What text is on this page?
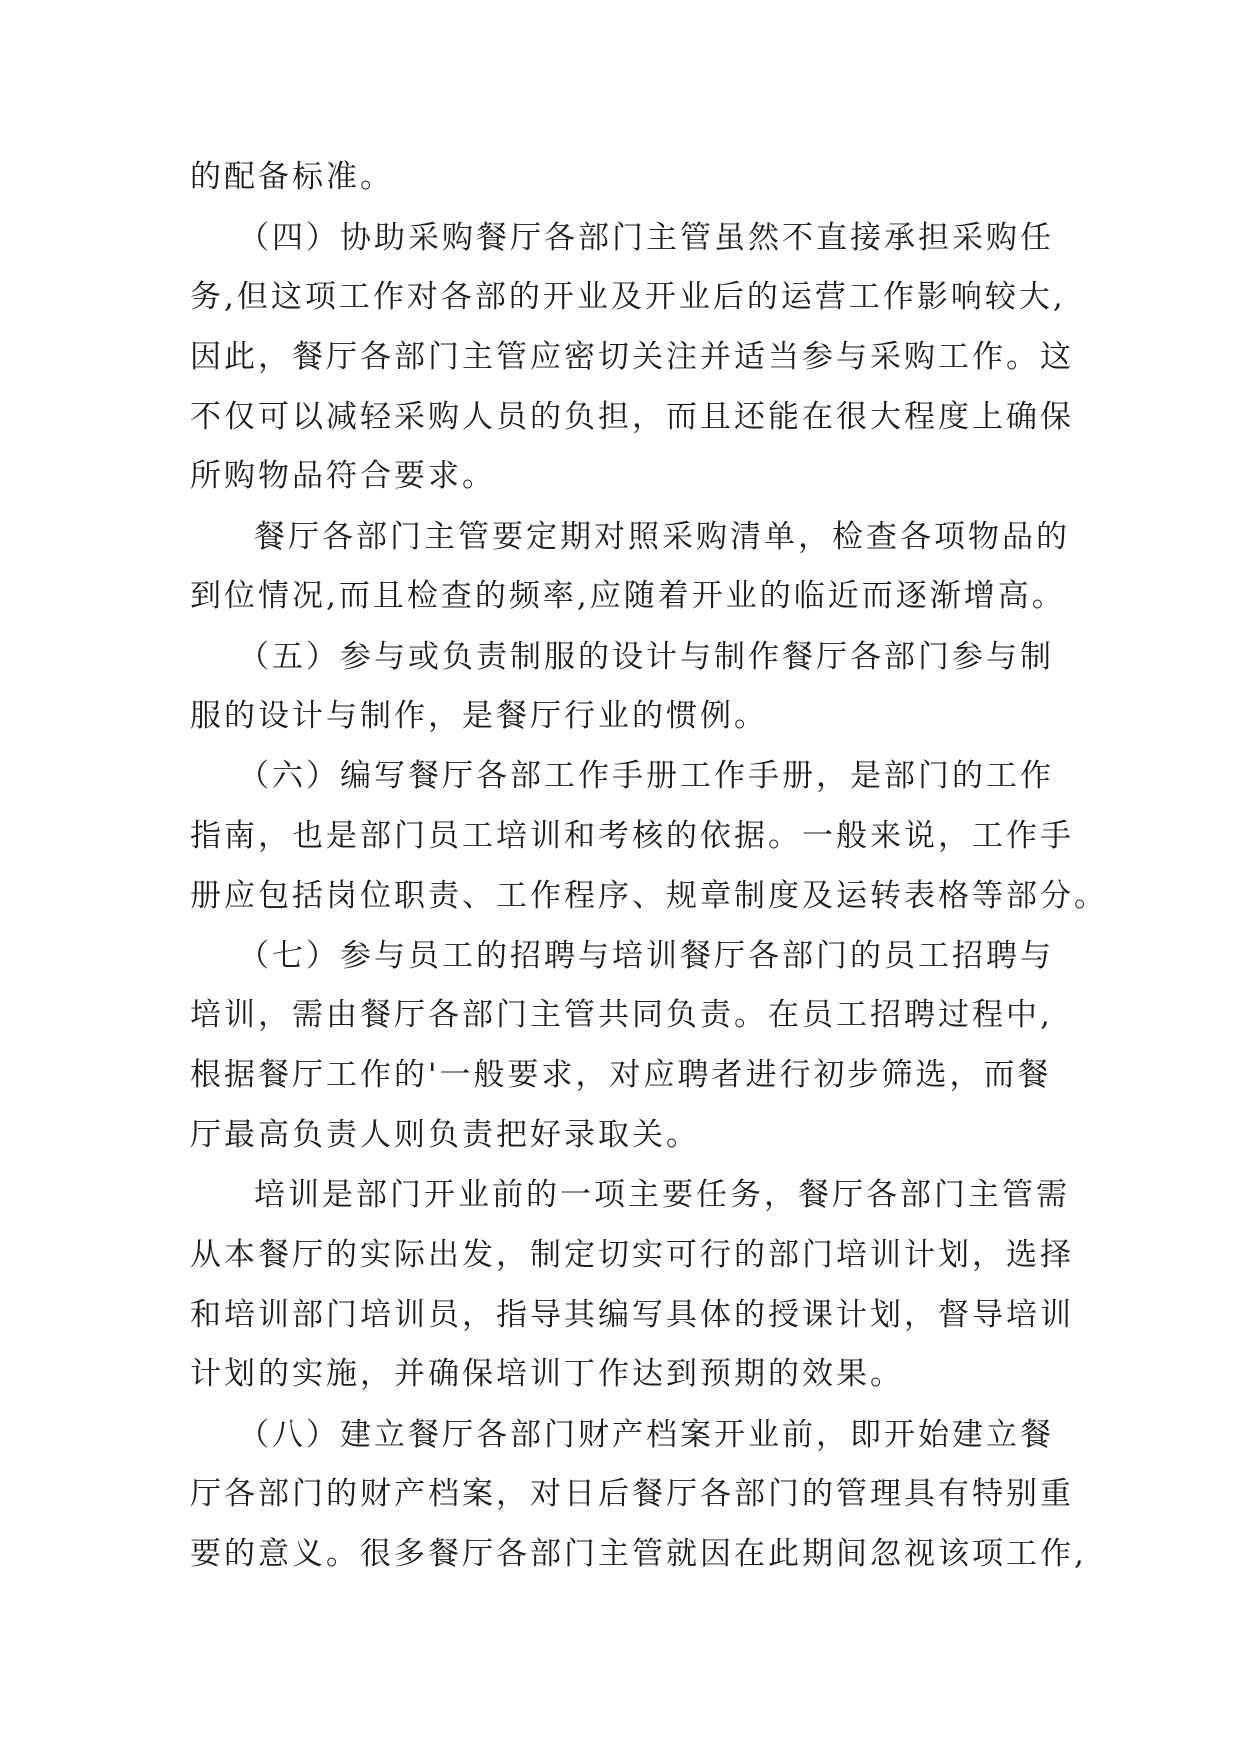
的配备标准。
（四）协助采购餐厅各部门主管虽然不直接承担采购任
务,但这项工作对各部的开业及开业后的运营工作影响较大,
因此，餐厅各部门主管应密切关注并适当参与采购工作。这
不仅可以减轻采购人员的负担，而且还能在很大程度上确保
所购物品符合要求。
餐厅各部门主管要定期对照采购清单，检查各项物品的
到位情况,而且检查的频率,应随着开业的临近而逐渐增高。
（五）参与或负责制服的设计与制作餐厅各部门参与制
服的设计与制作，是餐厅行业的惯例。
（六）编写餐厅各部工作手册工作手册，是部门的工作
指南，也是部门员工培训和考核的依据。一般来说，工作手
册应包括岗位职责、工作程序、规章制度及运转表格等部分。
（七）参与员工的招聘与培训餐厅各部门的员工招聘与
培训，需由餐厅各部门主管共同负责。在员工招聘过程中,
根据餐厅工作的'一般要求，对应聘者进行初步筛选，而餐
厅最高负责人则负责把好录取关。
培训是部门开业前的一项主要任务，餐厅各部门主管需
从本餐厅的实际出发，制定切实可行的部门培训计划，选择
和培训部门培训员，指导其编写具体的授课计划，督导培训
计划的实施，并确保培训丁作达到预期的效果。
（八）建立餐厅各部门财产档案开业前，即开始建立餐
厅各部门的财产档案，对日后餐厅各部门的管理具有特别重
要的意义。很多餐厅各部门主管就因在此期间忽视该项工作,
